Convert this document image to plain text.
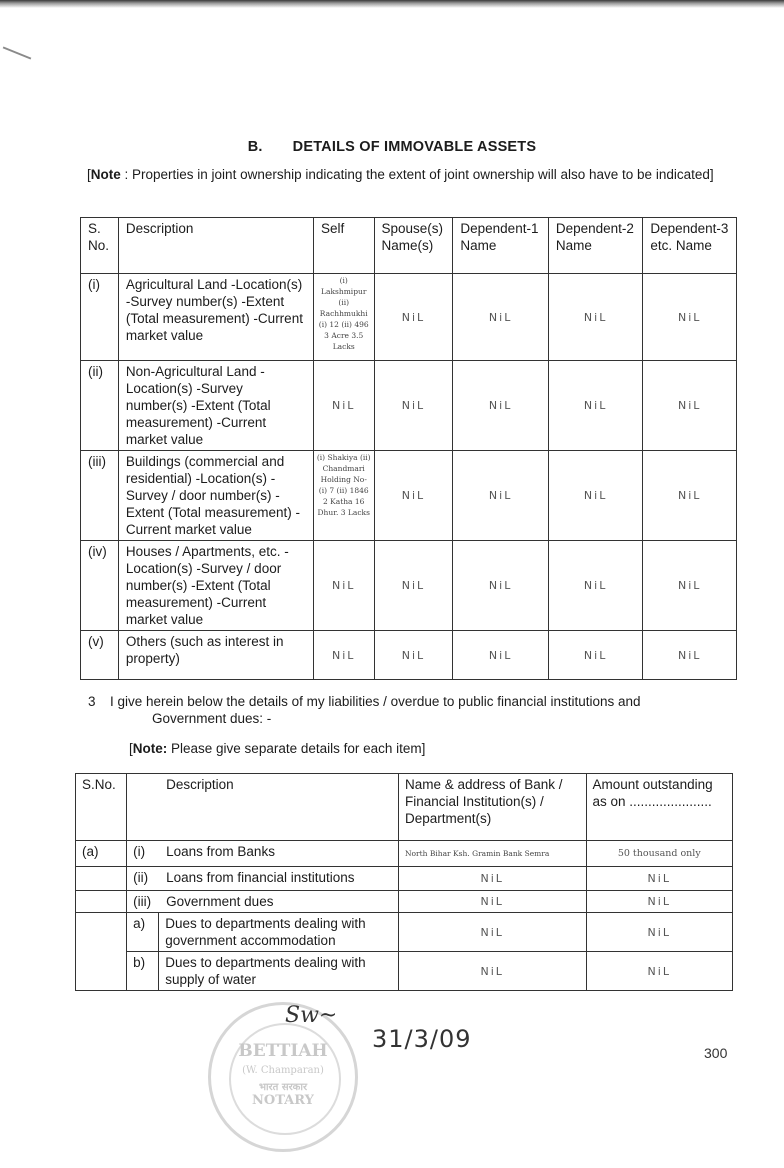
B. DETAILS OF IMMOVABLE ASSETS
[Note : Properties in joint ownership indicating the extent of joint ownership will also have to be indicated]
S. No.	Description	Self	Spouse(s) Name(s)	Dependent-1 Name	Dependent-2 Name	Dependent-3 etc. Name
(i)	Agricultural Land -Location(s) -Survey number(s) -Extent (Total measurement) -Current market value	(i) Lakshmipur (ii) Rachhmukhi (i) 12 (ii) 496 3 Acre 3.5 Lacks	NiL	NiL	NiL	NiL
(ii)	Non-Agricultural Land -Location(s) -Survey number(s) -Extent (Total measurement) -Current market value	NiL	NiL	NiL	NiL	NiL
(iii)	Buildings (commercial and residential) -Location(s) -Survey / door number(s) -Extent (Total measurement) -Current market value	(i) Shakiya (ii) Chandmari Holding No- (i) 7 (ii) 1846 2 Katha 16 Dhur. 3 Lacks	NiL	NiL	NiL	NiL
(iv)	Houses / Apartments, etc. -Location(s) -Survey / door number(s) -Extent (Total measurement) -Current market value	NiL	NiL	NiL	NiL	NiL
(v)	Others (such as interest in property)	NiL	NiL	NiL	NiL	NiL
3 I give herein below the details of my liabilities / overdue to public financial institutions and
Government dues: -
[Note: Please give separate details for each item]
S.No.	Description		Name & address of Bank / Financial Institution(s) / Department(s)	Amount outstanding as on ......................
(a)	(i) Loans from Banks		North Bihar Ksh. Gramin Bank Semra	50 thousand only
	(ii) Loans from financial institutions		NiL	NiL
	(iii) Government dues		NiL	NiL
	a)	Dues to departments dealing with government accommodation	NiL	NiL
	b)	Dues to departments dealing with supply of water	NiL	NiL
BETTIAH
(W. Champaran)
भारत सरकार
NOTARY
Sw~
31/3/09	300
